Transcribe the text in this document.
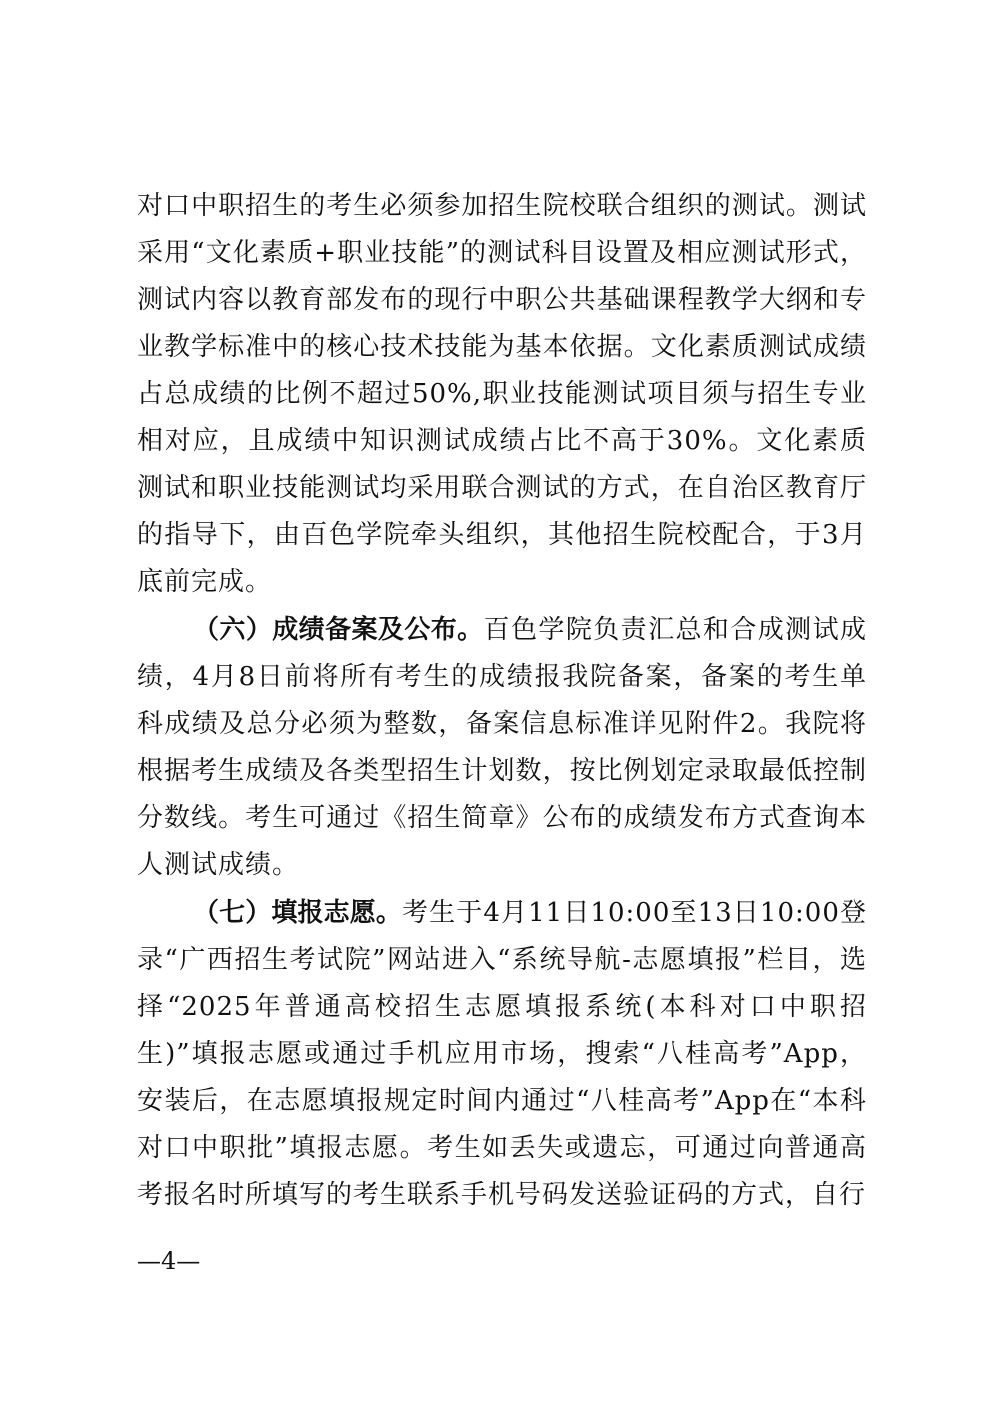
对口中职招生的考生必须参加招生院校联合组织的测试。测试采用“文化素质+职业技能”的测试科目设置及相应测试形式，测试内容以教育部发布的现行中职公共基础课程教学大纲和专业教学标准中的核心技术技能为基本依据。文化素质测试成绩占总成绩的比例不超过50%,职业技能测试项目须与招生专业相对应，且成绩中知识测试成绩占比不高于30%。文化素质测试和职业技能测试均采用联合测试的方式，在自治区教育厅的指导下，由百色学院牵头组织，其他招生院校配合，于3月底前完成。

（六）成绩备案及公布。百色学院负责汇总和合成测试成绩，4月8日前将所有考生的成绩报我院备案，备案的考生单科成绩及总分必须为整数，备案信息标准详见附件2。我院将根据考生成绩及各类型招生计划数，按比例划定录取最低控制分数线。考生可通过《招生简章》公布的成绩发布方式查询本人测试成绩。

（七）填报志愿。考生于4月11日10:00至13日10:00登录“广西招生考试院”网站进入“系统导航-志愿填报”栏目，选择“2025年普通高校招生志愿填报系统(本科对口中职招生)”填报志愿或通过手机应用市场，搜索“八桂高考”App，安装后，在志愿填报规定时间内通过“八桂高考”App在“本科对口中职批”填报志愿。考生如丢失或遗忘，可通过向普通高考报名时所填写的考生联系手机号码发送验证码的方式，自行

—4—
